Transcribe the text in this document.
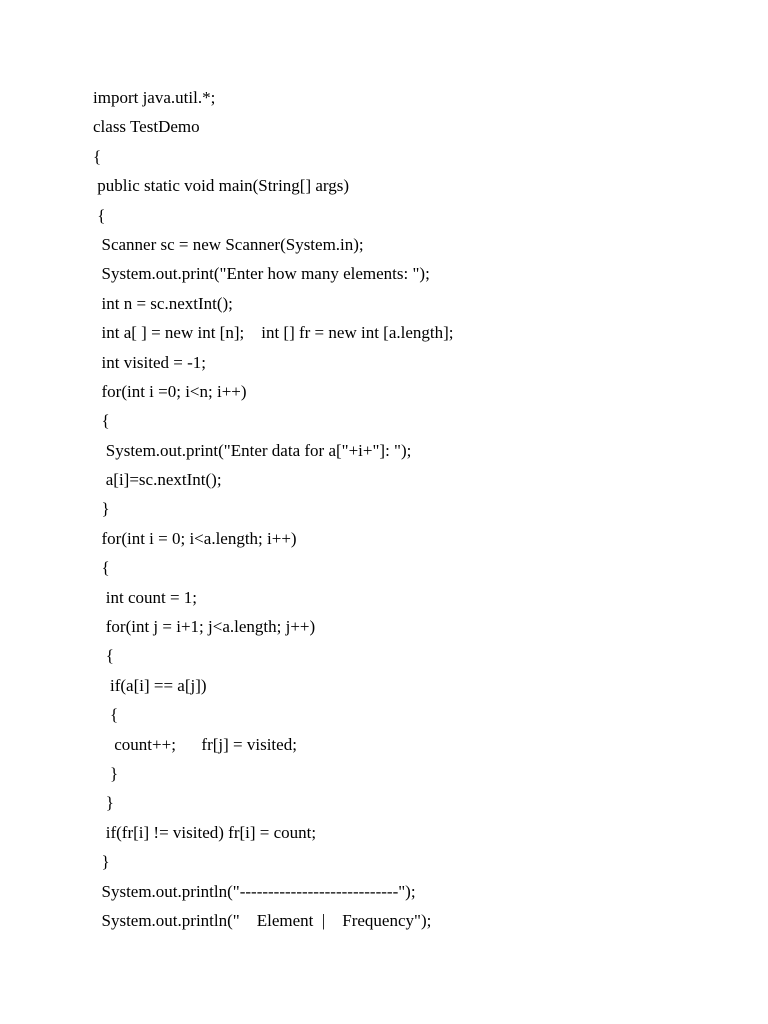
import java.util.*;
class TestDemo
{
public static void main(String[] args)
{
Scanner sc = new Scanner(System.in);
System.out.print("Enter how many elements: ");
int n = sc.nextInt();
int a[ ] = new int [n];    int [] fr = new int [a.length];
int visited = -1;
for(int i =0; i<n; i++)
{
System.out.print("Enter data for a["+i+"]: ");
a[i]=sc.nextInt();
}
for(int i = 0; i<a.length; i++)
{
int count = 1;
for(int j = i+1; j<a.length; j++)
{
if(a[i] == a[j])
{
count++;      fr[j] = visited;
}
}
if(fr[i] != visited) fr[i] = count;
}
System.out.println("----------------------------");
System.out.println("    Element  |    Frequency");
